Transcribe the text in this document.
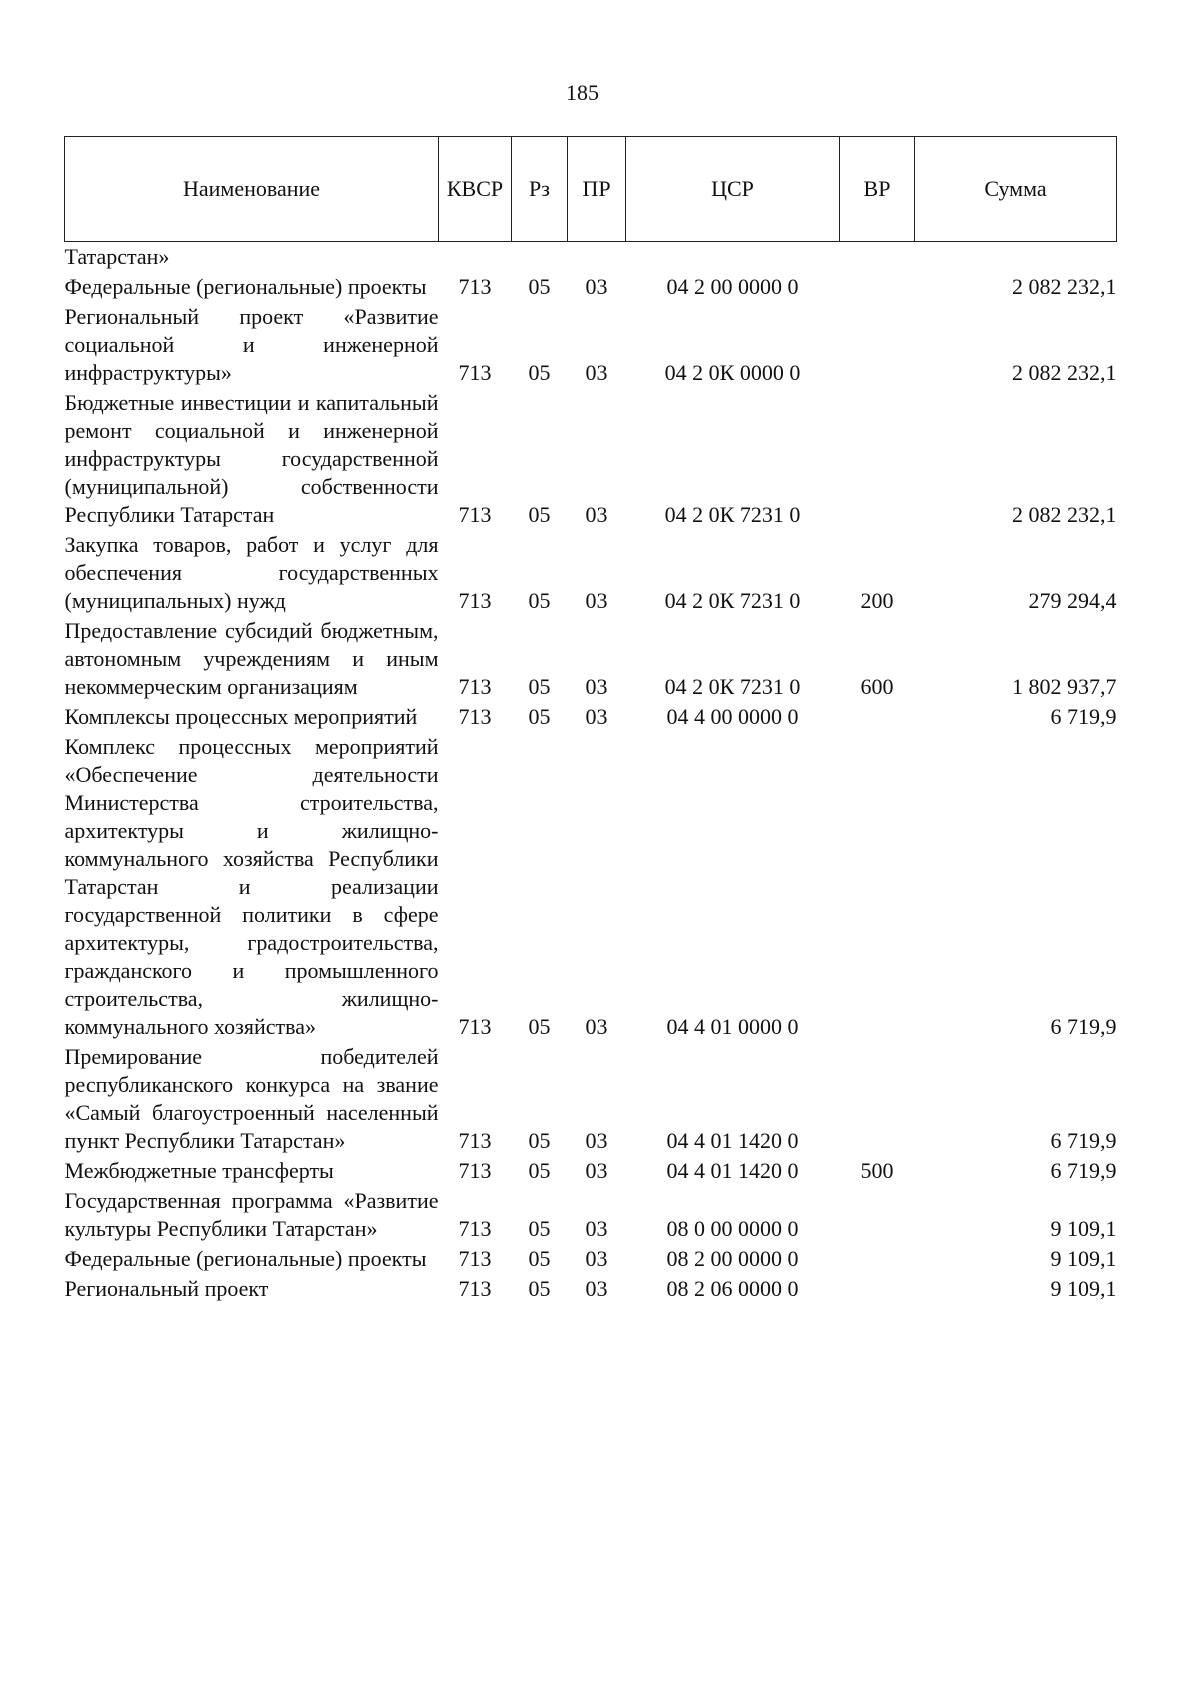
185
Наименование	КВСР	Рз	ПР	ЦСР	ВР	Сумма
Татарстан»						
Федеральные (региональные) проекты	713	05	03	04 2 00 0000 0		2 082 232,1
Региональный проект «Развитие социальной и инженерной инфраструктуры»	713	05	03	04 2 0К 0000 0		2 082 232,1
Бюджетные инвестиции и капитальный ремонт социальной и инженерной инфраструктуры государственной (муниципальной) собственности Республики Татарстан	713	05	03	04 2 0К 7231 0		2 082 232,1
Закупка товаров, работ и услуг для обеспечения государственных (муниципальных) нужд	713	05	03	04 2 0К 7231 0	200	279 294,4
Предоставление субсидий бюджетным, автономным учреждениям и иным некоммерческим организациям	713	05	03	04 2 0К 7231 0	600	1 802 937,7
Комплексы процессных мероприятий	713	05	03	04 4 00 0000 0		6 719,9
Комплекс процессных мероприятий «Обеспечение деятельности Министерства строительства, архитектуры и жилищно-коммунального хозяйства Республики Татарстан и реализации государственной политики в сфере архитектуры, градостроительства, гражданского и промышленного строительства, жилищно-коммунального хозяйства»	713	05	03	04 4 01 0000 0		6 719,9
Премирование победителей республиканского конкурса на звание «Самый благоустроенный населенный пункт Республики Татарстан»	713	05	03	04 4 01 1420 0		6 719,9
Межбюджетные трансферты	713	05	03	04 4 01 1420 0	500	6 719,9
Государственная программа «Развитие культуры Республики Татарстан»	713	05	03	08 0 00 0000 0		9 109,1
Федеральные (региональные) проекты	713	05	03	08 2 00 0000 0		9 109,1
Региональный проект	713	05	03	08 2 06 0000 0		9 109,1
